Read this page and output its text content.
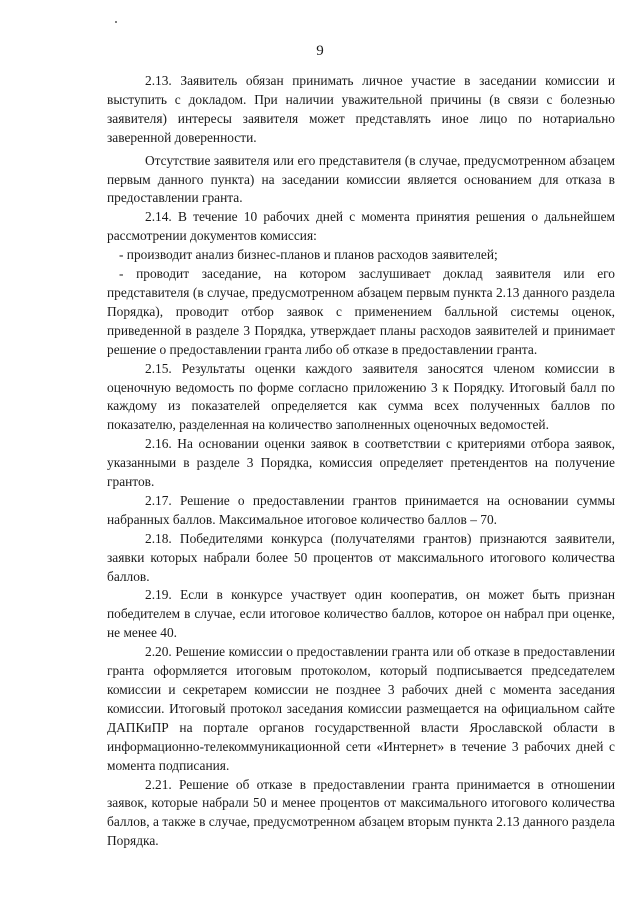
9

2.13. Заявитель обязан принимать личное участие в заседании комиссии и выступить с докладом. При наличии уважительной причины (в связи с болезнью заявителя) интересы заявителя может представлять иное лицо по нотариально заверенной доверенности.

Отсутствие заявителя или его представителя (в случае, предусмотренном абзацем первым данного пункта) на заседании комиссии является основанием для отказа в предоставлении гранта.

2.14. В течение 10 рабочих дней с момента принятия решения о дальнейшем рассмотрении документов комиссия:

- производит анализ бизнес-планов и планов расходов заявителей;

- проводит заседание, на котором заслушивает доклад заявителя или его представителя (в случае, предусмотренном абзацем первым пункта 2.13 данного раздела Порядка), проводит отбор заявок с применением балльной системы оценок, приведенной в разделе 3 Порядка, утверждает планы расходов заявителей и принимает решение о предоставлении гранта либо об отказе в предоставлении гранта.

2.15. Результаты оценки каждого заявителя заносятся членом комиссии в оценочную ведомость по форме согласно приложению 3 к Порядку. Итоговый балл по каждому из показателей определяется как сумма всех полученных баллов по показателю, разделенная на количество заполненных оценочных ведомостей.

2.16. На основании оценки заявок в соответствии с критериями отбора заявок, указанными в разделе 3 Порядка, комиссия определяет претендентов на получение грантов.

2.17. Решение о предоставлении грантов принимается на основании суммы набранных баллов. Максимальное итоговое количество баллов – 70.

2.18. Победителями конкурса (получателями грантов) признаются заявители, заявки которых набрали более 50 процентов от максимального итогового количества баллов.

2.19. Если в конкурсе участвует один кооператив, он может быть признан победителем в случае, если итоговое количество баллов, которое он набрал при оценке, не менее 40.

2.20. Решение комиссии о предоставлении гранта или об отказе в предоставлении гранта оформляется итоговым протоколом, который подписывается председателем комиссии и секретарем комиссии не позднее 3 рабочих дней с момента заседания комиссии. Итоговый протокол заседания комиссии размещается на официальном сайте ДАПКиПР на портале органов государственной власти Ярославской области в информационно-телекоммуникационной сети «Интернет» в течение 3 рабочих дней с момента подписания.

2.21. Решение об отказе в предоставлении гранта принимается в отношении заявок, которые набрали 50 и менее процентов от максимального итогового количества баллов, а также в случае, предусмотренном абзацем вторым пункта 2.13 данного раздела Порядка.
